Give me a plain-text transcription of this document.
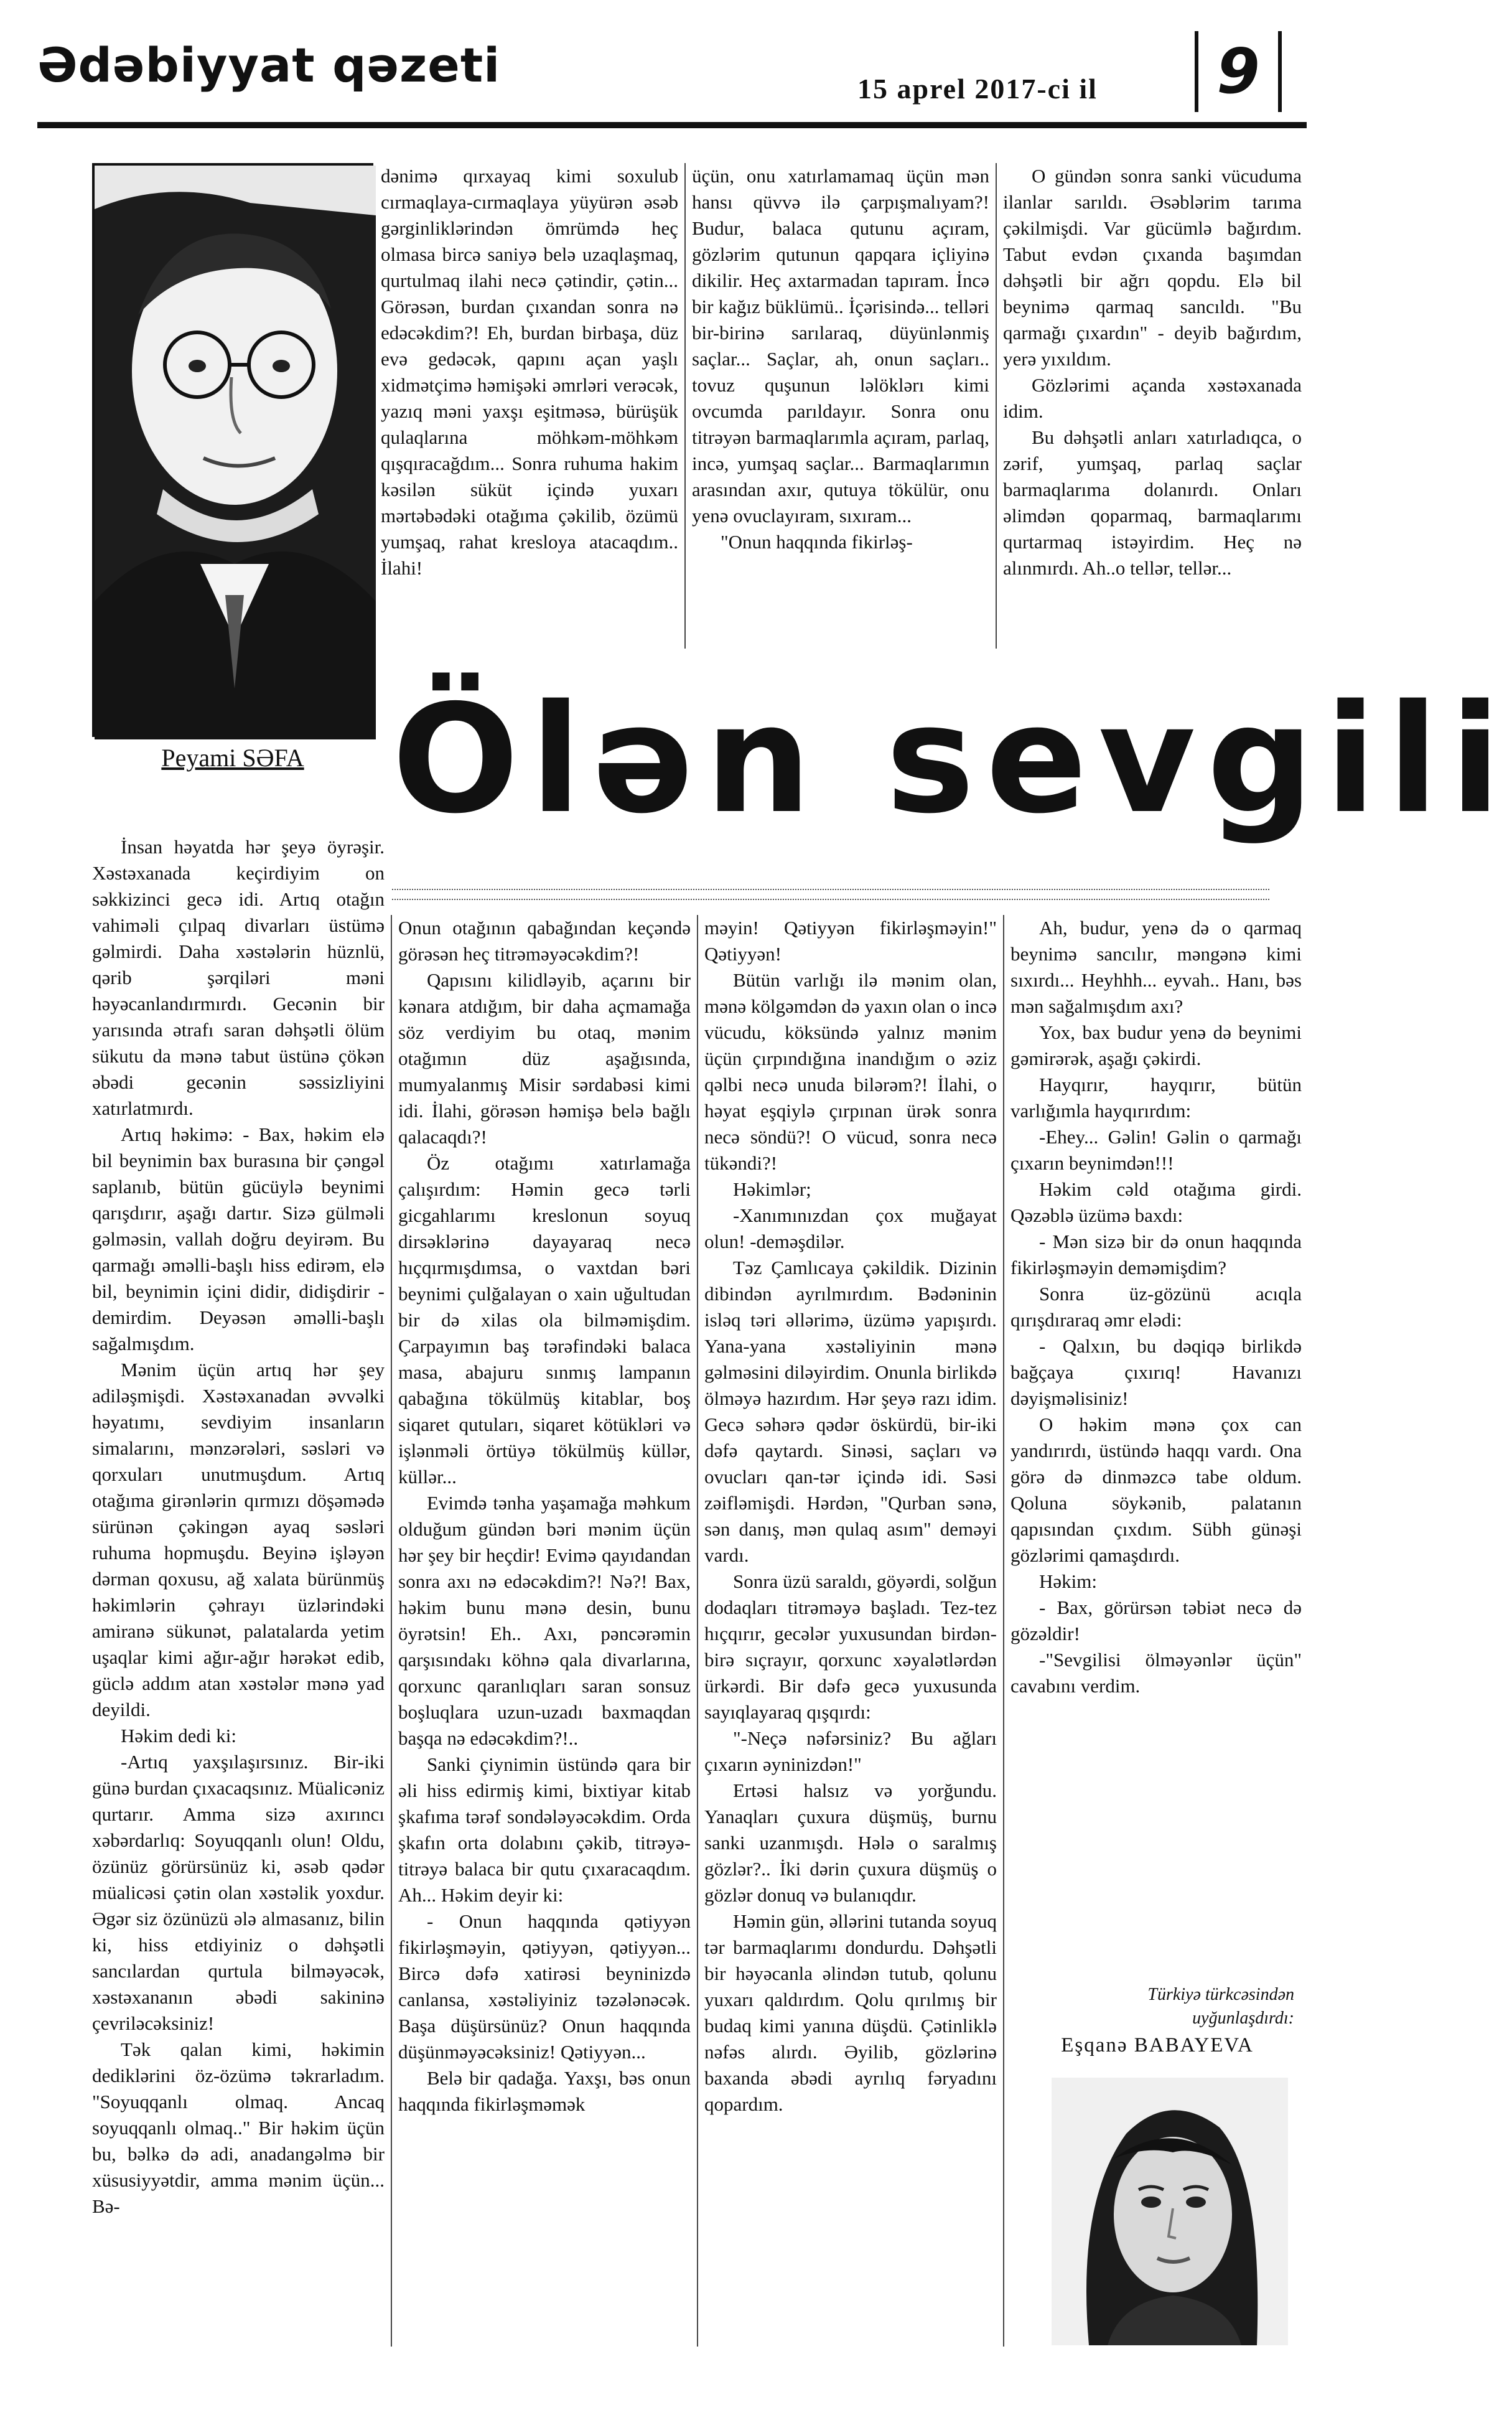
Ədəbiyyat qəzeti	15 aprel 2017-ci il	9
Peyami SƏFA

dənimə qırxayaq kimi soxulub cırmaqlaya-cırmaqlaya yüyürən əsəb gərginliklərindən ömrümdə heç olmasa bircə saniyə belə uzaqlaşmaq, qurtulmaq ilahi necə çətindir, çətin... Görəsən, burdan çıxandan sonra nə edəcəkdim?! Eh, burdan birbaşa, düz evə gedəcək, qapını açan yaşlı xidmətçimə həmişəki əmrləri verəcək, yazıq məni yaxşı eşitməsə, bürüşük qulaqlarına möhkəm-möhkəm qışqıracağdım... Sonra ruhuma hakim kəsilən süküt içində yuxarı mərtəbədəki otağıma çəkilib, özümü yumşaq, rahat kresloya atacaqdım.. İlahi!

üçün, onu xatırlamamaq üçün mən hansı qüvvə ilə çarpışmalıyam?! Budur, balaca qutunu açıram, gözlərim qutunun qapqara içliyinə dikilir. Heç axtarmadan tapıram. İncə bir kağız büklümü.. İçərisində... telləri bir-birinə sarılaraq, düyünlənmiş saçlar... Saçlar, ah, onun saçları.. tovuz quşunun ləlöklərı kimi ovcumda parıldayır. Sonra onu titrəyən barmaqlarımla açıram, parlaq, incə, yumşaq saçlar... Barmaqlarımın arasından axır, qutuya tökülür, onu yenə ovuclayıram, sıxıram...

"Onun haqqında fikirləş-

O gündən sonra sanki vücuduma ilanlar sarıldı. Əsəblərim tarıma çəkilmişdi. Var gücümlə bağırdım. Tabut evdən çıxanda başımdan dəhşətli bir ağrı qopdu. Elə bil beynimə qarmaq sancıldı. "Bu qarmağı çıxardın" - deyib bağırdım, yerə yıxıldım.

Gözlərimi açanda xəstəxanada idim.

Bu dəhşətli anları xatırladıqca, o zərif, yumşaq, parlaq saçlar barmaqlarıma dolanırdı. Onları əlimdən qoparmaq, barmaqlarımı qurtarmaq istəyirdim. Heç nə alınmırdı. Ah..o tellər, tellər...

Ölən sevgili

İnsan həyatda hər şeyə öyrəşir. Xəstəxanada keçirdiyim on səkkizinci gecə idi. Artıq otağın vahiməli çılpaq divarları üstümə gəlmirdi. Daha xəstələrin hüznlü, qərib şərqiləri məni həyəcanlandırmırdı. Gecənin bir yarısında ətrafı saran dəhşətli ölüm sükutu da mənə tabut üstünə çökən əbədi gecənin səssizliyini xatırlatmırdı.

Artıq həkimə: - Bax, həkim elə bil beynimin bax burasına bir çəngəl saplanıb, bütün gücüylə beynimi qarışdırır, aşağı dartır. Sizə gülməli gəlməsin, vallah doğru deyirəm. Bu qarmağı əməlli-başlı hiss edirəm, elə bil, beynimin içini didir, didişdirir - demirdim. Deyəsən əməlli-başlı sağalmışdım.

Mənim üçün artıq hər şey adiləşmişdi. Xəstəxanadan əvvəlki həyatımı, sevdiyim insanların simalarını, mənzərələri, səsləri və qorxuları unutmuşdum. Artıq otağıma girənlərin qırmızı döşəmədə sürünən çəkingən ayaq səsləri ruhuma hopmuşdu. Beyinə işləyən dərman qoxusu, ağ xalata bürünmüş həkimlərin çəhrayı üzlərindəki amiranə sükunət, palatalarda yetim uşaqlar kimi ağır-ağır hərəkət edib, güclə addım atan xəstələr mənə yad deyildi.

Həkim dedi ki:

-Artıq yaxşılaşırsınız. Bir-iki günə burdan çıxacaqsınız. Müalicəniz qurtarır. Amma sizə axırıncı xəbərdarlıq: Soyuqqanlı olun! Oldu, özünüz görürsünüz ki, əsəb qədər müalicəsi çətin olan xəstəlik yoxdur. Əgər siz özünüzü ələ almasanız, bilin ki, hiss etdiyiniz o dəhşətli sancılardan qurtula bilməyəcək, xəstəxananın əbədi sakininə çevriləcəksiniz!

Tək qalan kimi, həkimin dediklərini öz-özümə təkrarladım. "Soyuqqanlı olmaq. Ancaq soyuqqanlı olmaq.." Bir həkim üçün bu, bəlkə də adi, anadangəlmə bir xüsusiyyətdir, amma mənim üçün... Bə-

Onun otağının qabağından keçəndə görəsən heç titrəməyəcəkdim?!

Qapısını kilidləyib, açarını bir kənara atdığım, bir daha açmamağa söz verdiyim bu otaq, mənim otağımın düz aşağısında, mumyalanmış Misir sərdabəsi kimi idi. İlahi, görəsən həmişə belə bağlı qalacaqdı?!

Öz otağımı xatırlamağa çalışırdım: Həmin gecə tərli gicgahlarımı kreslonun soyuq dirsəklərinə dayayaraq necə hıçqırmışdımsa, o vaxtdan bəri beynimi çulğalayan o xain uğultudan bir də xilas ola bilməmişdim. Çarpayımın baş tərəfindəki balaca masa, abajuru sınmış lampanın qabağına tökülmüş kitablar, boş siqaret qutuları, siqaret kötükləri və işlənməli örtüyə tökülmüş küllər, küllər...

Evimdə tənha yaşamağa məhkum olduğum gündən bəri mənim üçün hər şey bir heçdir! Evimə qayıdandan sonra axı nə edəcəkdim?! Nə?! Bax, həkim bunu mənə desin, bunu öyrətsin! Eh.. Axı, pəncərəmin qarşısındakı köhnə qala divarlarına, qorxunc qaranlıqları saran sonsuz boşluqlara uzun-uzadı baxmaqdan başqa nə edəcəkdim?!..

Sanki çiynimin üstündə qara bir əli hiss edirmiş kimi, bixtiyar kitab şkafıma tərəf sondələyəcəkdim. Orda şkafın orta dolabını çəkib, titrəyə-titrəyə balaca bir qutu çıxaracaqdım. Ah... Həkim deyir ki:

- Onun haqqında qətiyyən fikirləşməyin, qətiyyən, qətiyyən... Bircə dəfə xatirəsi beyninizdə canlansa, xəstəliyiniz təzələnəcək. Başa düşürsünüz? Onun haqqında düşünməyəcəksiniz! Qətiyyən...

Belə bir qadağa. Yaxşı, bəs onun haqqında fikirləşməmək

məyin! Qətiyyən fikirləşməyin!" Qətiyyən!

Bütün varlığı ilə mənim olan, mənə kölgəmdən də yaxın olan o incə vücudu, köksündə yalnız mənim üçün çırpındığına inandığım o əziz qəlbi necə unuda bilərəm?! İlahi, o həyat eşqiylə çırpınan ürək sonra necə söndü?! O vücud, sonra necə tükəndi?!

Həkimlər;

-Xanımınızdan çox muğayat olun! -deməşdilər.

Təz Çamlıcaya çəkildik. Dizinin dibindən ayrılmırdım. Bədəninin isləq təri əllərimə, üzümə yapışırdı. Yana-yana xəstəliyinin mənə gəlməsini diləyirdim. Onunla birlikdə ölməyə hazırdım. Hər şeyə razı idim. Gecə səhərə qədər öskürdü, bir-iki dəfə qaytardı. Sinəsi, saçları və ovucları qan-tər içində idi. Səsi zəifləmişdi. Hərdən, "Qurban sənə, sən danış, mən qulaq asım" deməyi vardı.

Sonra üzü saraldı, göyərdi, solğun dodaqları titrəməyə başladı. Tez-tez hıçqırır, gecələr yuxusundan birdən-birə sıçrayır, qorxunc xəyalətlərdən ürkərdi. Bir dəfə gecə yuxusunda sayıqlayaraq qışqırdı:

"-Neçə nəfərsiniz? Bu ağları çıxarın əyninizdən!"

Ertəsi halsız və yorğundu. Yanaqları çuxura düşmüş, burnu sanki uzanmışdı. Hələ o saralmış gözlər?.. İki dərin çuxura düşmüş o gözlər donuq və bulanıqdır.

Həmin gün, əllərini tutanda soyuq tər barmaqlarımı dondurdu. Dəhşətli bir həyəcanla əlindən tutub, qolunu yuxarı qaldırdım. Qolu qırılmış bir budaq kimi yanına düşdü. Çətinliklə nəfəs alırdı. Əyilib, gözlərinə baxanda əbədi ayrılıq fəryadını qopardım.

Ah, budur, yenə də o qarmaq beynimə sancılır, məngənə kimi sıxırdı... Heyhhh... eyvah.. Hanı, bəs mən sağalmışdım axı?

Yox, bax budur yenə də beynimi gəmirərək, aşağı çəkirdi.

Hayqırır, hayqırır, bütün varlığımla hayqırırdım:

-Ehey... Gəlin! Gəlin o qarmağı çıxarın beynimdən!!!

Həkim cəld otağıma girdi. Qəzəblə üzümə baxdı:

- Mən sizə bir də onun haqqında fikirləşməyin deməmişdim?

Sonra üz-gözünü acıqla qırışdıraraq əmr elədi:

- Qalxın, bu dəqiqə birlikdə bağçaya çıxırıq! Havanızı dəyişməlisiniz!

O həkim mənə çox can yandırırdı, üstündə haqqı vardı. Ona görə də dinməzcə tabe oldum. Qoluna söykənib, palatanın qapısından çıxdım. Sübh günəşi gözlərimi qamaşdırdı.

Həkim:

- Bax, görürsən təbiət necə də gözəldir!

-"Sevgilisi ölməyənlər üçün" cavabını verdim.

Türkiyə türkcəsindən
uyğunlaşdırdı:
Eşqanə BABAYEVA
